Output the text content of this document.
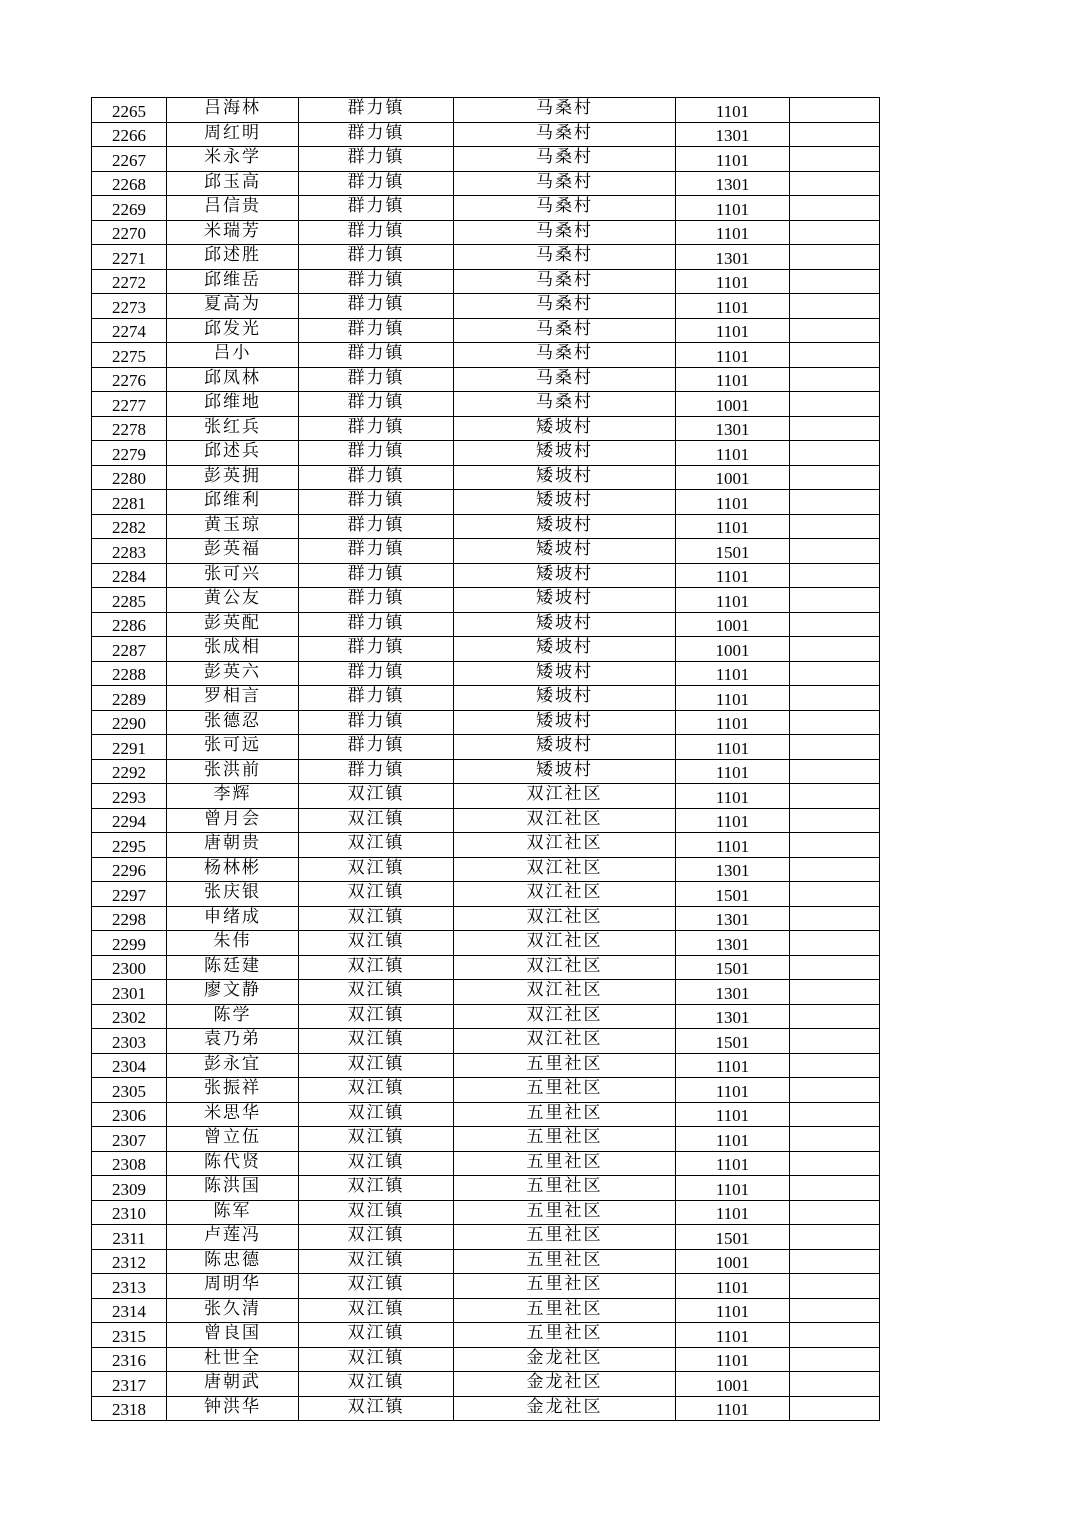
2265	吕海林	群力镇	马桑村	1101	
2266	周红明	群力镇	马桑村	1301	
2267	米永学	群力镇	马桑村	1101	
2268	邱玉高	群力镇	马桑村	1301	
2269	吕信贵	群力镇	马桑村	1101	
2270	米瑞芳	群力镇	马桑村	1101	
2271	邱述胜	群力镇	马桑村	1301	
2272	邱维岳	群力镇	马桑村	1101	
2273	夏高为	群力镇	马桑村	1101	
2274	邱发光	群力镇	马桑村	1101	
2275	吕小	群力镇	马桑村	1101	
2276	邱凤林	群力镇	马桑村	1101	
2277	邱维地	群力镇	马桑村	1001	
2278	张红兵	群力镇	矮坡村	1301	
2279	邱述兵	群力镇	矮坡村	1101	
2280	彭英拥	群力镇	矮坡村	1001	
2281	邱维利	群力镇	矮坡村	1101	
2282	黄玉琼	群力镇	矮坡村	1101	
2283	彭英福	群力镇	矮坡村	1501	
2284	张可兴	群力镇	矮坡村	1101	
2285	黄公友	群力镇	矮坡村	1101	
2286	彭英配	群力镇	矮坡村	1001	
2287	张成相	群力镇	矮坡村	1001	
2288	彭英六	群力镇	矮坡村	1101	
2289	罗相言	群力镇	矮坡村	1101	
2290	张德忍	群力镇	矮坡村	1101	
2291	张可远	群力镇	矮坡村	1101	
2292	张洪前	群力镇	矮坡村	1101	
2293	李辉	双江镇	双江社区	1101	
2294	曾月会	双江镇	双江社区	1101	
2295	唐朝贵	双江镇	双江社区	1101	
2296	杨林彬	双江镇	双江社区	1301	
2297	张庆银	双江镇	双江社区	1501	
2298	申绪成	双江镇	双江社区	1301	
2299	朱伟	双江镇	双江社区	1301	
2300	陈廷建	双江镇	双江社区	1501	
2301	廖文静	双江镇	双江社区	1301	
2302	陈学	双江镇	双江社区	1301	
2303	袁乃弟	双江镇	双江社区	1501	
2304	彭永宜	双江镇	五里社区	1101	
2305	张振祥	双江镇	五里社区	1101	
2306	米思华	双江镇	五里社区	1101	
2307	曾立伍	双江镇	五里社区	1101	
2308	陈代贤	双江镇	五里社区	1101	
2309	陈洪国	双江镇	五里社区	1101	
2310	陈军	双江镇	五里社区	1101	
2311	卢莲冯	双江镇	五里社区	1501	
2312	陈忠德	双江镇	五里社区	1001	
2313	周明华	双江镇	五里社区	1101	
2314	张久清	双江镇	五里社区	1101	
2315	曾良国	双江镇	五里社区	1101	
2316	杜世全	双江镇	金龙社区	1101	
2317	唐朝武	双江镇	金龙社区	1001	
2318	钟洪华	双江镇	金龙社区	1101	
